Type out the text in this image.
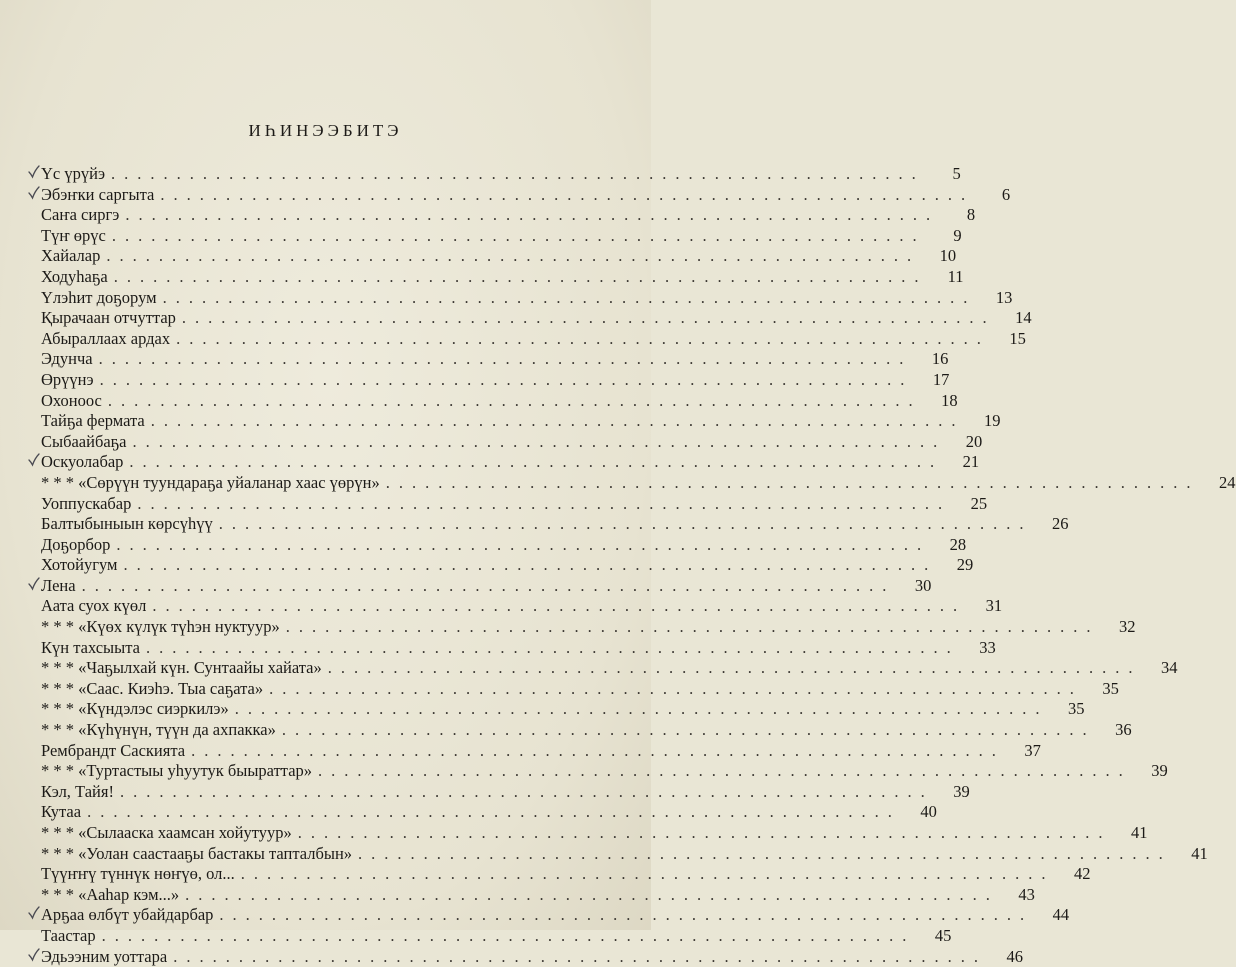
ИҺИНЭЭБИТЭ
Үс үрүйэ ..............................................................	5
Эбэҥки саргыта ..............................................................	6
Саҥа сиргэ ..............................................................	8
Түҥ өрүс ..............................................................	9
Хайалар ..............................................................	10
Ходуһаҕа ..............................................................	11
Үлэһит доҕорум ..............................................................	13
Қырачаан отчуттар ..............................................................	14
Абыраллаах ардах ..............................................................	15
Эдунча ..............................................................	16
Өрүүнэ ..............................................................	17
Охоноос ..............................................................	18
Тайҕа фермата ..............................................................	19
Сыбаайбаҕа ..............................................................	20
Оскуолабар ..............................................................	21
* * * «Сөрүүн туундараҕа уйаланар хаас үөрүн» ..............................................................	24
Уоппускабар ..............................................................	25
Балтыбыныын көрсүһүү ..............................................................	26
Доҕорбор ..............................................................	28
Хотойугум ..............................................................	29
Лена ..............................................................	30
Аата суох күөл ..............................................................	31
* * * «Күөх күлүк түһэн нуктуур» ..............................................................	32
Күн тахсыыта ..............................................................	33
* * * «Чаҕылхай күн. Сунтаайы хайата» ..............................................................	34
* * * «Саас. Киэһэ. Тыа саҕата» ..............................................................	35
* * * «Күндэлэс сиэркилэ» ..............................................................	35
* * * «Күһүнүн, түүн да ахпакка» ..............................................................	36
Рембрандт Саскията ..............................................................	37
* * * «Туртастыы уһуутук быыраттар» ..............................................................	39
Кэл, Тайя! ..............................................................	39
Кутаа ..............................................................	40
* * * «Сылааска хаамсан хойутуур» ..............................................................	41
* * * «Уолан саастааҕы бастакы тапталбын» ..............................................................	41
Түүҥҥү түннүк нөҥүө, ол... ..............................................................	42
* * * «Ааһар кэм...» ..............................................................	43
Арҕаа өлбүт убайдарбар ..............................................................	44
Таастар ..............................................................	45
Эдьээним уоттара ..............................................................	46
